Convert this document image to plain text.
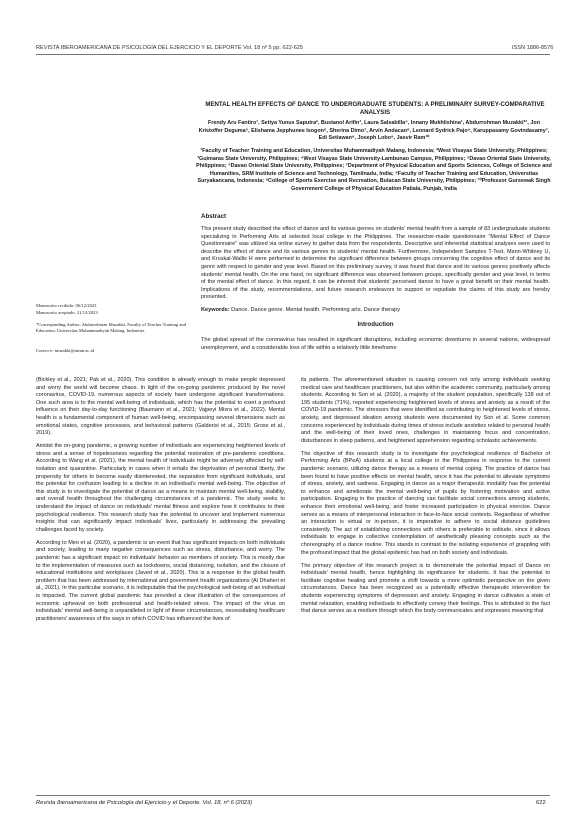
REVISTA IBEROAMERICANA DE PSICOLOGÍA DEL EJERCICIO Y EL DEPORTE Vol. 18 nº 5 pp. 622-625	ISSN 1886-8576
MENTAL HEALTH EFFECTS OF DANCE TO UNDERGRADUATE STUDENTS: A PRELIMINARY SURVEY-COMPARATIVE ANALYSIS
Frendy Aru Fantiro¹, Setiya Yunus Saputra², Bustanol Arifin³, Laura Salsabilla⁴, Innany Mukhlishina¹, Abdurrohman Muzakki*¹, Jon Kristoffer Deguma⁵, Elishama Jepphunee Isogon⁶, Sherina Dimo⁷, Arvin Andacao⁸, Leonard Sydrick Pajo⁹, Karuppasamy Govindasamy⁷, Edi Setiawan⁹, Joseph Lobo⁹, Jasvir Ram¹⁰
¹Faculty of Teacher Training and Education, Universitas Muhammadiyah Malang, Indonesia; ²West Visayas State University, Philippines; ³Guimaras State University, Philippines; ⁴West Visayas State University-Lambunao Campus, Philippines; ⁵Davao Oriental State University, Philippines; ⁶Davao Oriental State University, Philippines; ⁷Department of Physical Education and Sports Sciences, College of Science and Humanities, SRM Institute of Science and Technology, Tamilnadu, India; ⁸Faculty of Teacher Training and Education, Universitas Suryakancana, Indonesia; ⁹College of Sports Exercise and Recreation, Bulacan State University, Philippines; ¹⁰Professor Gursewak Singh Government College of Physical Education Patiala, Punjab, India
Abstract
This present study described the effect of dance and its various genres on students' mental health from a sample of 83 undergraduate students specializing in Performing Arts at selected local college in the Philippines. The researcher-made questionnaire "Mental Effect of Dance Questionnaire" was utilized via online survey to gather data from the respondents. Descriptive and inferential statistical analyses were used to describe the effect of dance and its various genres to students' mental health. Furthermore, Independent Samples T-Test, Mann-Whitney U, and Kruskal-Wallis H were performed to determine the significant difference between groups concerning the cognitive effect of dance and its genre with respect to gender and year level. Based on this preliminary survey, it was found that dance and its various genres positively affects students' mental health. On the one hand, no significant difference was observed between groups, specifically gender and year level, in terms of the mental effect of dance. In this regard, it can be inferred that students' perceived dance to have a great benefit on their mental health. Implications of the study, recommendations, and future research endeavors to support or repudiate the claims of this study are hereby presented.
Keywords: Dance. Dance genre. Mental health. Performing arts. Dance therapy
Introduction
The global spread of the coronavirus has resulted in significant disruptions, including economic downturns in several nations, widespread unemployment, and a considerable loss of life within a relatively little timeframe
Manuscrito recibido: 06/12/2023
Manuscrito aceptado: 21/12/2023
*Corresponding Author: Abdurrohman Muzakki, Faculty of Teacher Training and Education, Universitas Muhammadiyah Malang, Indonesia
Correo-e: muzakki@umm.ac.id

(Bickley et al., 2021; Pak et al., 2020). This condition is already enough to make people depressed and worry the world will become chaos. In light of the on-going pandemic produced by the novel coronavirus, COVID-19, numerous aspects of society have undergone significant transformations. One such area is to the mental well-being of individuals, which has the potential to exert a profound influence on their day-to-day functioning (Baumann et al., 2021; Vajpeyi Misra et al., 2022). Mental health is a fundamental component of human well-being, encompassing several dimensions such as emotional states, cognitive processes, and behavioral patterns (Galderisi et al., 2015; Gross et al., 2019).

Amidst the on-going pandemic, a growing number of individuals are experiencing heightened levels of stress and a sense of hopelessness regarding the potential restoration of pre-pandemic conditions. According to Wang et al. (2021), the mental health of individuals might be adversely affected by self-isolation and quarantine. Particularly in cases when it entails the deprivation of personal liberty, the propensity for others to become easily disinterested, the separation from significant individuals, and the potential for confusion leading to a decline in an individual's mental well-being. The objective of this study is to investigate the potential of dance as a means to maintain mental well-being, stability, and overall health throughout the challenging circumstances of a pandemic. The study seeks to understand the impact of dance on individuals' mental fitness and explore how it contributes to their psychological resilience. This research study has the potential to uncover and implement numerous insights that can significantly impact individuals' lives, particularly in addressing the prevailing challenges faced by society.

According to Meo et al. (2020), a pandemic is an event that has significant impacts on both individuals and society, leading to many negative consequences such as stress, disturbance, and worry. The pandemic has a significant impact on individuals' behavior as members of society. This is mostly due to the implementation of measures such as lockdowns, social distancing, isolation, and the closure of educational institutions and workplaces (Javed et al., 2020). This is a response to the global health problem that has been addressed by international and government health organizations (Al Dhaheri et al., 2021). In this particular scenario, it is indisputable that the psychological well-being of an individual is impacted. The current global pandemic has provided a clear illustration of the consequences of economic upheaval on both professional and health-related stress. The impact of the virus on individuals' mental well-being is unparalleled in light of these circumstances, necessitating healthcare practitioners' awareness of the ways in which COVID has influenced the lives of

its patients. The aforementioned situation is causing concern not only among individuals seeking medical care and healthcare practitioners, but also within the academic community, particularly among students. According to Son et al. (2020), a majority of the student population, specifically 138 out of 195 students (71%), reported experiencing heightened levels of stress and anxiety as a result of the COVID-19 pandemic. The stressors that were identified as contributing to heightened levels of stress, anxiety, and depressed ideation among students were documented by Son et al. Some common concerns experienced by individuals during times of stress include anxieties related to personal health and the well-being of their loved ones, challenges in maintaining focus and concentration, disturbances in sleep patterns, and heightened apprehension regarding scholastic achievements.

The objective of this research study is to investigate the psychological resilience of Bachelor of Performing Arts (BPeA) students at a local college in the Philippines in response to the current pandemic scenario, utilizing dance therapy as a means of mental coping. The practice of dance has been found to have positive effects on mental health, since it has the potential to alleviate symptoms of stress, anxiety, and sadness. Engaging in dance as a major therapeutic modality has the potential to enhance and ameliorate the mental well-being of pupils by fostering motivation and active participation. Engaging in the practice of dancing can facilitate social connections among students, enhance their emotional well-being, and foster increased participation in physical exercise. Dance serves as a means of interpersonal interaction in face-to-face social contexts. Regardless of whether an interaction is virtual or in-person, it is imperative to adhere to social distance guidelines consistently. The act of establishing connections with others is preferable to solitude, since it allows individuals to engage in collective contemplation of aesthetically pleasing concepts such as the choreography of a dance routine. This stands in contrast to the isolating experience of grappling with the profound impact that the global epidemic has had on both society and individuals.

The primary objective of this research project is to demonstrate the potential impact of Dance on individuals' mental health, hence highlighting its significance for students. It has the potential to facilitate cognitive healing and promote a shift towards a more optimistic perspective on the given circumstances. Dance has been recognized as a potentially effective therapeutic intervention for students experiencing symptoms of depression and anxiety. Engaging in dance cultivates a state of mental relaxation, enabling individuals to effectively convey their feelings. This is attributed to the fact that dance serves as a medium through which the body communicates and expresses meaning that

Revista Iberoamericana de Psicología del Ejercicio y el Deporte. Vol. 18, nº 6 (2023)	622
